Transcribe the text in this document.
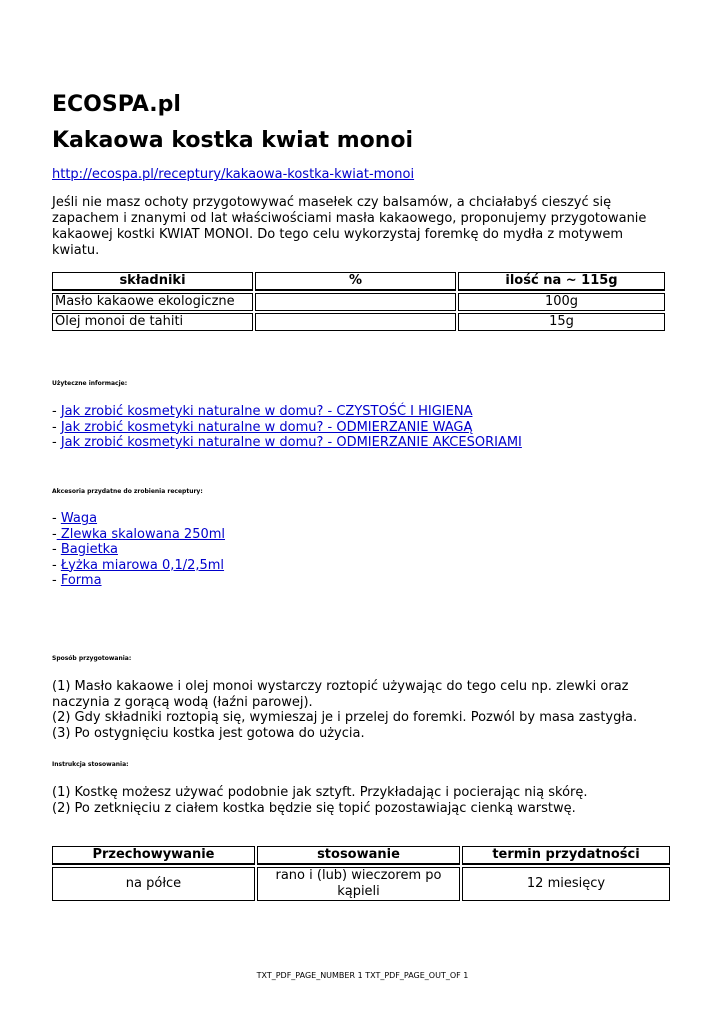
ECOSPA.pl
Kakaowa kostka kwiat monoi
http://ecospa.pl/receptury/kakaowa-kostka-kwiat-monoi
Jeśli nie masz ochoty przygotowywać masełek czy balsamów, a chciałabyś cieszyć się zapachem i znanymi od lat właściwościami masła kakaowego, proponujemy przygotowanie kakaowej kostki KWIAT MONOI. Do tego celu wykorzystaj foremkę do mydła z motywem kwiatu.
składniki	%	ilość na ~ 115g
Masło kakaowe ekologiczne		100g
Olej monoi de tahiti		15g
Użyteczne informacje:
- Jak zrobić kosmetyki naturalne w domu? - CZYSTOŚĆ I HIGIENA
- Jak zrobić kosmetyki naturalne w domu? - ODMIERZANIE WAGĄ
- Jak zrobić kosmetyki naturalne w domu? - ODMIERZANIE AKCESORIAMI
Akcesoria przydatne do zrobienia receptury:
- Waga
- Zlewka skalowana 250ml
- Bagietka
- Łyżka miarowa 0,1/2,5ml
- Forma
Sposób przygotowania:
(1) Masło kakaowe i olej monoi wystarczy roztopić używając do tego celu np. zlewki oraz naczynia z gorącą wodą (łaźni parowej).
(2) Gdy składniki roztopią się, wymieszaj je i przelej do foremki. Pozwól by masa zastygła.
(3) Po ostygnięciu kostka jest gotowa do użycia.
Instrukcja stosowania:
(1) Kostkę możesz używać podobnie jak sztyft. Przykładając i pocierając nią skórę.
(2) Po zetknięciu z ciałem kostka będzie się topić pozostawiając cienką warstwę.
Przechowywanie	stosowanie	termin przydatności
na półce	rano i (lub) wieczorem po kąpieli	12 miesięcy
TXT_PDF_PAGE_NUMBER 1 TXT_PDF_PAGE_OUT_OF 1
